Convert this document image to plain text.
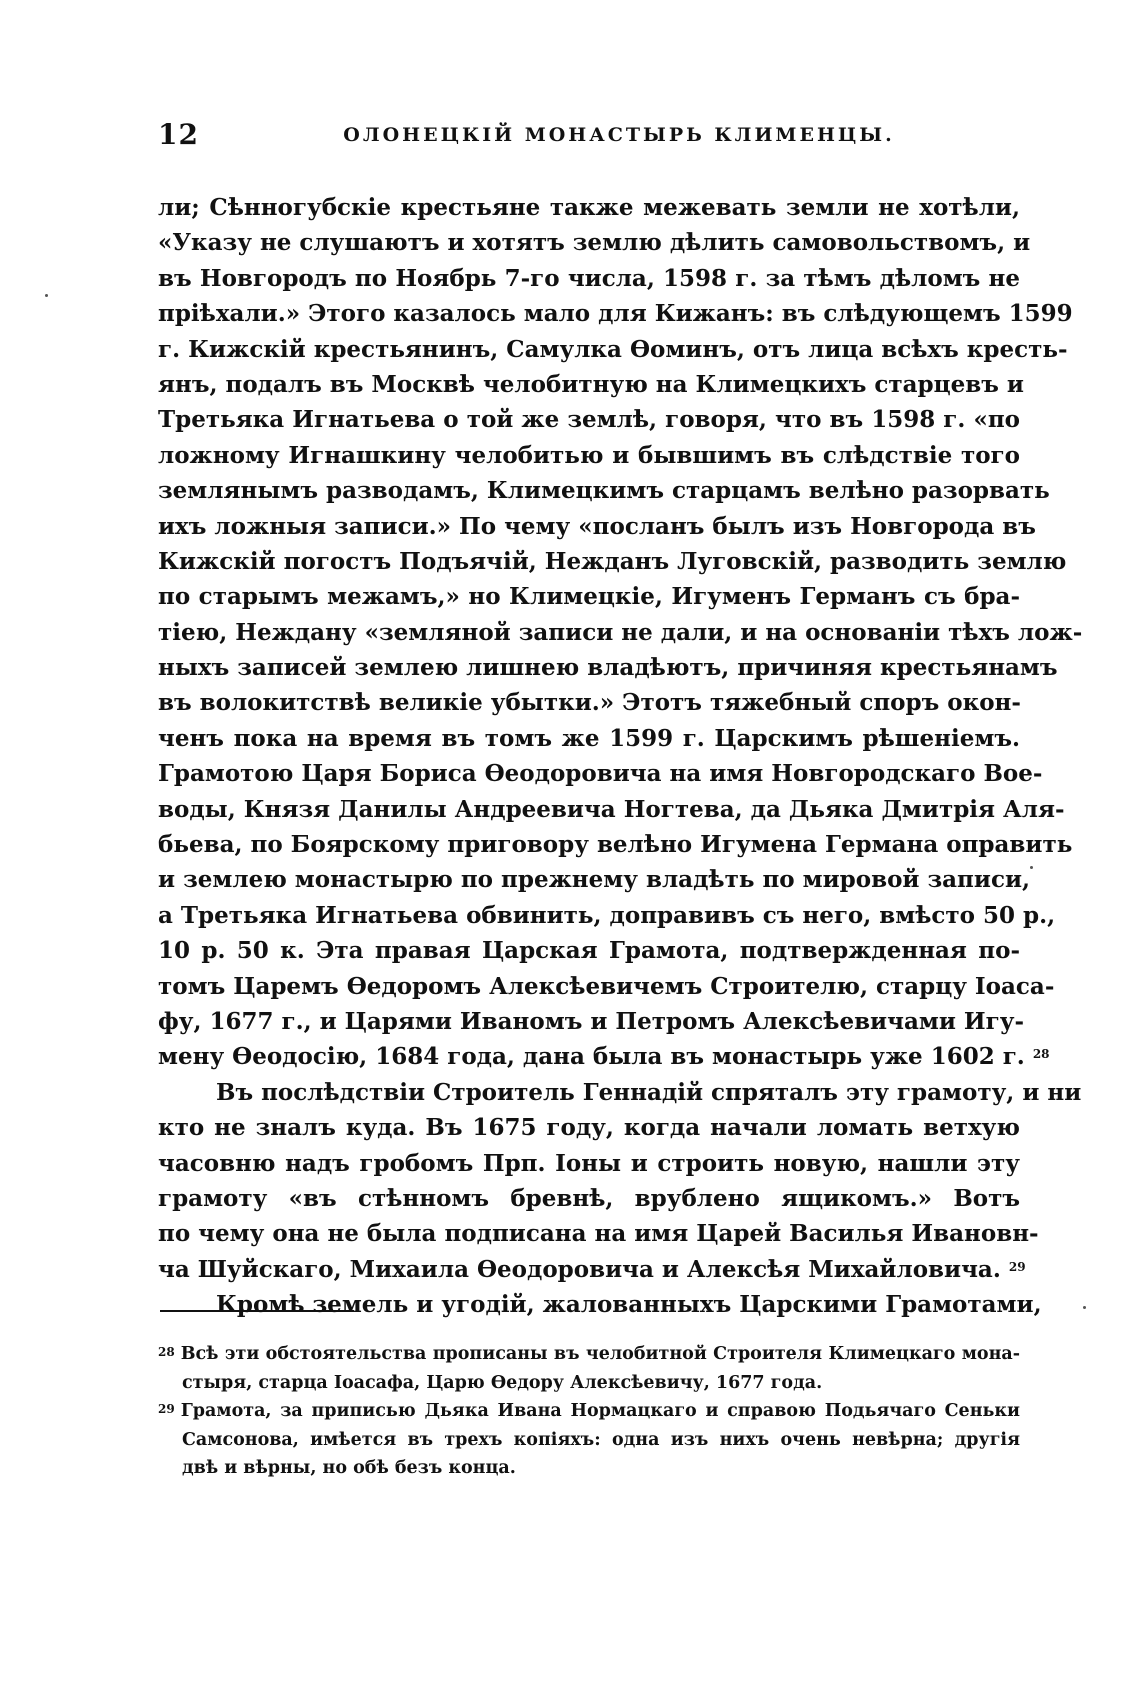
12	ОЛОНЕЦКІЙ МОНАСТЫРЬ КЛИМЕНЦЫ.
ли; Сѣнногубскіе крестьяне также межевать земли не хотѣли,
«Указу не слушаютъ и хотятъ землю дѣлить самовольствомъ, и
въ Новгородъ по Ноябрь 7-го числа, 1598 г. за тѣмъ дѣломъ не
пріѣхали.» Этого казалось мало для Кижанъ: въ слѣдующемъ 1599
г. Кижскій крестьянинъ, Самулка Ѳоминъ, отъ лица всѣхъ кресть-
янъ, подалъ въ Москвѣ челобитную на Климецкихъ старцевъ и
Третьяка Игнатьева о той же землѣ, говоря, что въ 1598 г. «по
ложному Игнашкину челобитью и бывшимъ въ слѣдствіе того
землянымъ разводамъ, Климецкимъ старцамъ велѣно разорвать
ихъ ложныя записи.» По чему «посланъ былъ изъ Новгорода въ
Кижскій погостъ Подъячій, Нежданъ Луговскій, разводить землю
по старымъ межамъ,» но Климецкіе, Игуменъ Германъ съ бра-
тіею, Неждану «земляной записи не дали, и на основаніи тѣхъ лож-
ныхъ записей землею лишнею владѣютъ, причиняя крестьянамъ
въ волокитствѣ великіе убытки.» Этотъ тяжебный споръ окон-
ченъ пока на время въ томъ же 1599 г. Царскимъ рѣшеніемъ.
Грамотою Царя Бориса Ѳеодоровича на имя Новгородскаго Вое-
воды, Князя Данилы Андреевича Ногтева, да Дьяка Дмитрія Аля-
бьева, по Боярскому приговору велѣно Игумена Германа оправить
и землею монастырю по прежнему владѣть по мировой записи,
а Третьяка Игнатьева обвинить, доправивъ съ него, вмѣсто 50 р.,
10 р. 50 к. Эта правая Царская Грамота, подтвержденная по-
томъ Царемъ Ѳедоромъ Алексѣевичемъ Строителю, старцу Іоаса-
фу, 1677 г., и Царями Иваномъ и Петромъ Алексѣевичами Игу-
мену Ѳеодосію, 1684 года, дана была въ монастырь уже 1602 г. $^{28}$
Въ послѣдствіи Строитель Геннадій спряталъ эту грамоту, и ни
кто не зналъ куда. Въ 1675 году, когда начали ломать ветхую
часовню надъ гробомъ Прп. Іоны и строить новую, нашли эту
грамоту «въ стѣнномъ бревнѣ, врублено ящикомъ.» Вотъ
по чему она не была подписана на имя Царей Василья Ивановн-
ча Шуйскаго, Михаила Ѳеодоровича и Алексѣя Михайловича. $^{29}$
Кромѣ земель и угодій, жалованныхъ Царскими Грамотами,
$^{28}$ Всѣ эти обстоятельства прописаны въ челобитной Строителя Климецкаго мона-
стыря, старца Іоасафа, Царю Ѳедору Алексѣевичу, 1677 года.
$^{29}$ Грамота, за приписью Дьяка Ивана Нормацкаго и справою Подьячаго Сеньки
Самсонова, имѣется въ трехъ копіяхъ: одна изъ нихъ очень невѣрна; другія
двѣ и вѣрны, но обѣ безъ конца.
